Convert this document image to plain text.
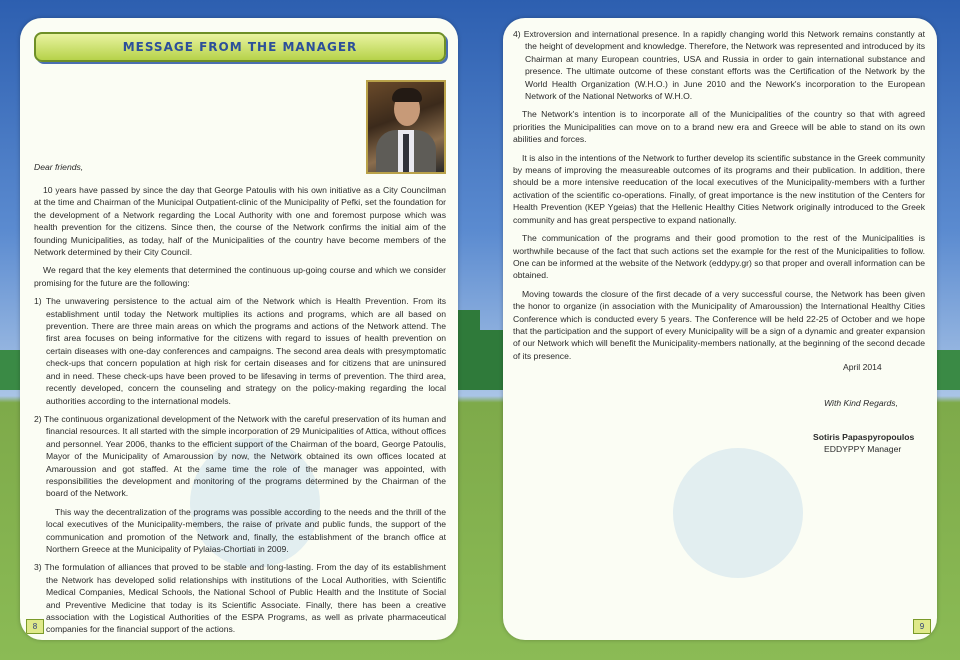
MESSAGE FROM THE MANAGER
Dear friends,

10 years have passed by since the day that George Patoulis with his own initiative as a City Councilman at the time and Chairman of the Municipal Outpatient-clinic of the Municipality of Pefki, set the foundation for the development of a Network regarding the Local Authority with one and foremost purpose which was health prevention for the citizens. Since then, the course of the Network confirms the initial aim of the founding Municipalities, as today, half of the Municipalities of the country have become members of the Network determined by their City Council.

We regard that the key elements that determined the continuous up-going course and which we consider promising for the future are the following:

1) The unwavering persistence to the actual aim of the Network which is Health Prevention. From its establishment until today the Network multiplies its actions and programs, which are all based on prevention. There are three main areas on which the programs and actions of the Network attend. The first area focuses on being informative for the citizens with regard to issues of health prevention on certain diseases with one-day conferences and campaigns. The second area deals with presymptomatic check-ups that concern population at high risk for certain diseases and for citizens that are uninsured and in need. These check-ups have been proved to be lifesaving in terms of prevention. The third area, recently developed, concern the counseling and strategy on the policy-making regarding the local authorities according to the international models.

2) The continuous organizational development of the Network with the careful preservation of its human and financial resources. It all started with the simple incorporation of 29 Municipalities of Attica, without offices and personnel. Year 2006, thanks to the efficient support of the Chairman of the board, George Patoulis, Mayor of the Municipality of Amaroussion by now, the Network obtained its own offices located at Amaroussion and got staffed. At the same time the role of the manager was appointed, with responsibilities the development and monitoring of the programs determined by the Chairman of the board of the Network.

This way the decentralization of the programs was possible according to the needs and the thrill of the local executives of the Municipality-members, the raise of private and public funds, the support of the communication and promotion of the Network and, finally, the establishment of the branch office at Northern Greece at the Municipality of Pylaias-Chortiati in 2009.

3) The formulation of alliances that proved to be stable and long-lasting. From the day of its establishment the Network has developed solid relationships with institutions of the Local Authorities, with Scientific Medical Companies, Medical Schools, the National School of Public Health and the Institute of Social and Preventive Medicine that today is its Scientific Associate. Finally, there has been a creative association with the Logistical Authorities of the ESPA Programs, as well as private pharmaceutical companies for the financial support of the actions.

8

4) Extroversion and international presence. In a rapidly changing world this Network remains constantly at the height of development and knowledge. Therefore, the Network was represented and introduced by its Chairman at many European countries, USA and Russia in order to gain international substance and presence. The ultimate outcome of these constant efforts was the Certification of the Network by the World Health Organization (W.H.O.) in June 2010 and the Nework's incorporation to the European Network of the National Networks of W.H.O.

The Network's intention is to incorporate all of the Municipalities of the country so that with agreed priorities the Municipalities can move on to a brand new era and Greece will be able to stand on its own abilities and forces.

It is also in the intentions of the Network to further develop its scientific substance in the Greek community by means of improving the measureable outcomes of its programs and their publication. In addition, there should be a more intensive reeducation of the local executives of the Municipality-members with a further activation of the scientific co-operations. Finally, of great importance is the new institution of the Centers for Health Prevention (KEP Ygeias) that the Hellenic Healthy Cities Network originally introduced to the Greek community and has great perspective to expand nationally.

The communication of the programs and their good promotion to the rest of the Municipalities is worthwhile because of the fact that such actions set the example for the rest of the Municipalities to follow. One can be informed at the website of the Network (eddypy.gr) so that proper and overall information can be obtained.

Moving towards the closure of the first decade of a very successful course, the Network has been given the honor to organize (in association with the Municipality of Amaroussion) the International Healthy Cities Conference which is conducted every 5 years. The Conference will be held 22-25 of October and we hope that the participation and the support of every Municipality will be a sign of a dynamic and greater expansion of our Network which will benefit the Municipality-members nationally, at the beginning of the second decade of its presence.

April 2014
With Kind Regards,
Sotiris Papaspyropoulos
EDDYPPY Manager
9
